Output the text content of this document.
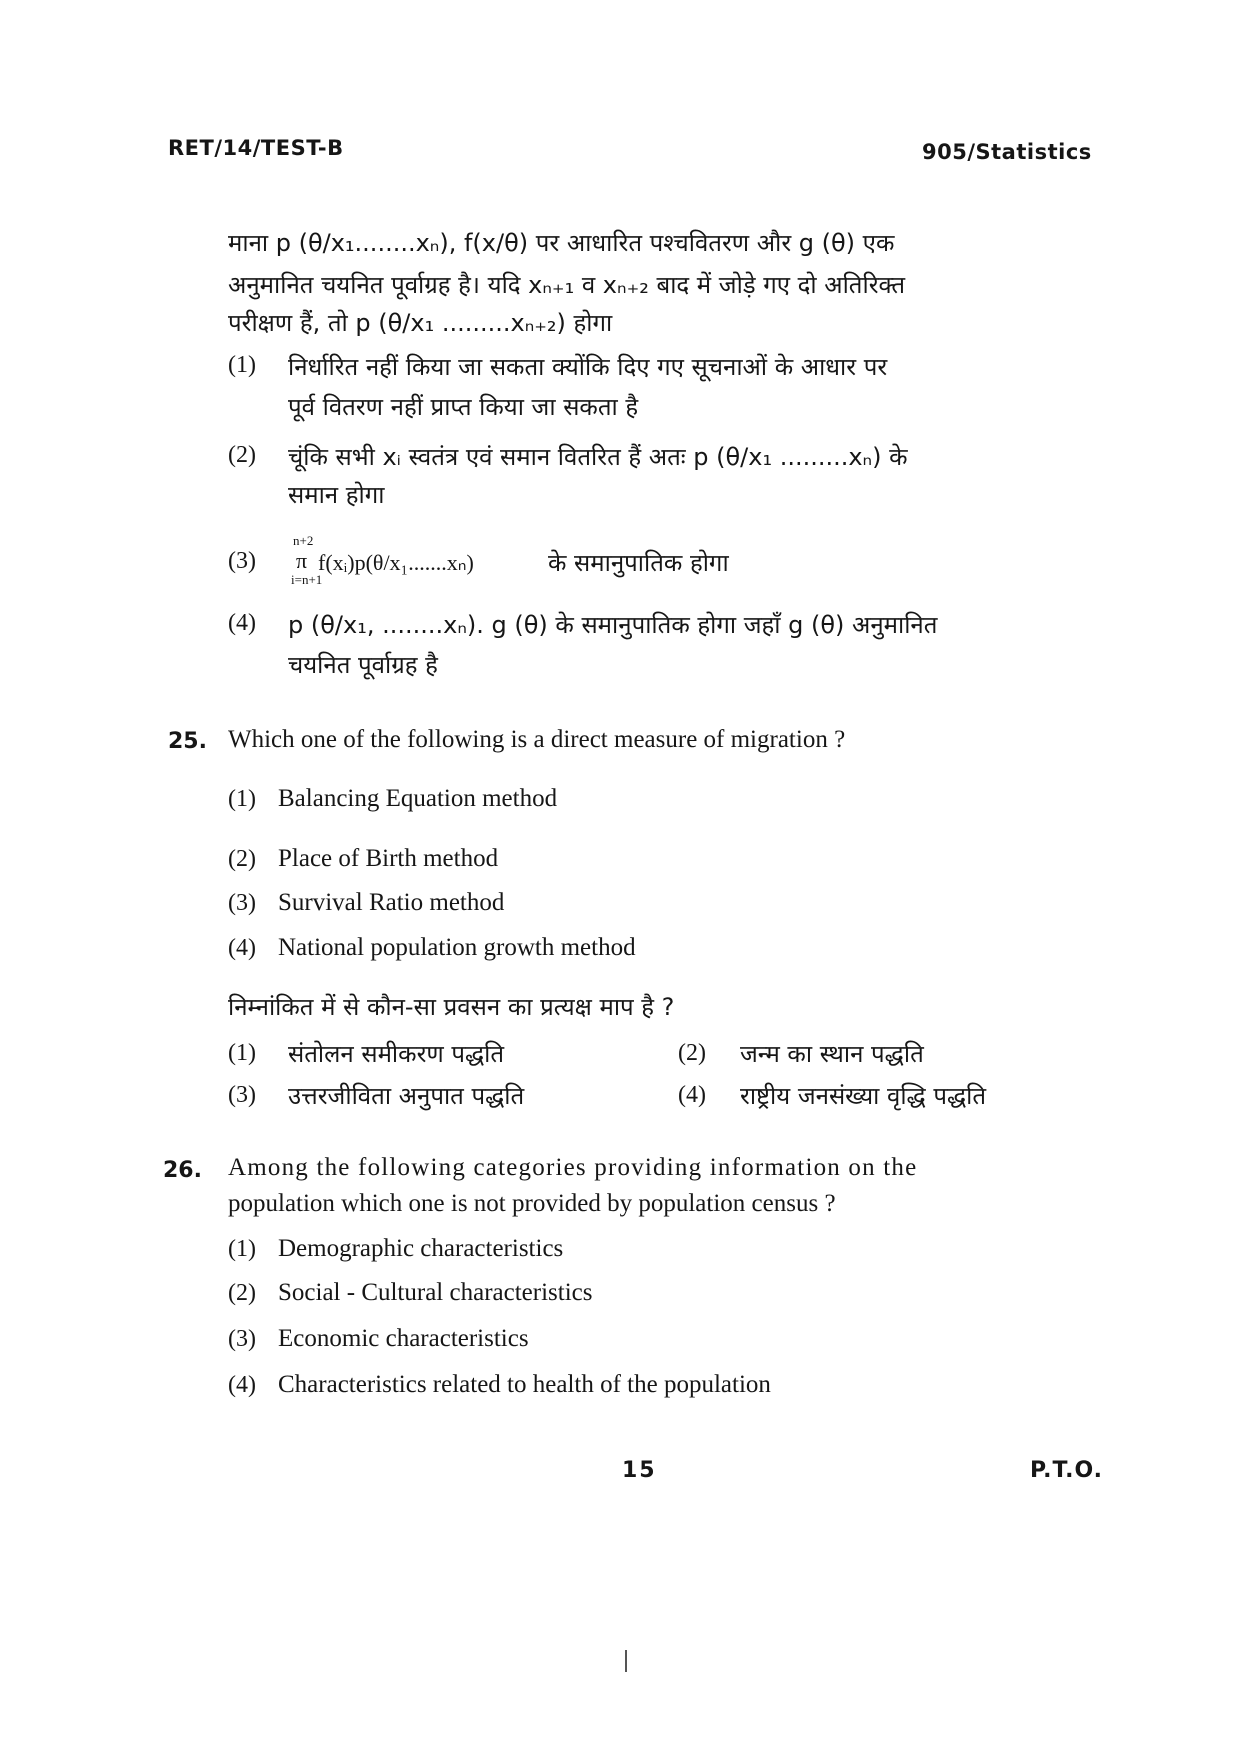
RET/14/TEST-B	905/Statistics
माना p (θ/x₁........xₙ), f(x/θ) पर आधारित पश्चवितरण और g (θ) एक
अनुमानित चयनित पूर्वाग्रह है। यदि xₙ₊₁ व xₙ₊₂ बाद में जोड़े गए दो अतिरिक्त
परीक्षण हैं, तो p (θ/x₁ .........xₙ₊₂) होगा
(1) निर्धारित नहीं किया जा सकता क्योंकि दिए गए सूचनाओं के आधार पर
पूर्व वितरण नहीं प्राप्त किया जा सकता है
(2) चूंकि सभी xᵢ स्वतंत्र एवं समान वितरित हैं अतः p (θ/x₁ .........xₙ) के
समान होगा
(3)
n+2
π
i=n+1
f(xᵢ)p(θ/x₁.......xₙ)	के समानुपातिक होगा
(4) p (θ/x₁, ........xₙ). g (θ) के समानुपातिक होगा जहाँ g (θ) अनुमानित
चयनित पूर्वाग्रह है
25. Which one of the following is a direct measure of migration ?
(1) Balancing Equation method
(2) Place of Birth method
(3) Survival Ratio method
(4) National population growth method
निम्नांकित में से कौन-सा प्रवसन का प्रत्यक्ष माप है ?
(1) संतोलन समीकरण पद्धति	(2) जन्म का स्थान पद्धति
(3) उत्तरजीविता अनुपात पद्धति	(4) राष्ट्रीय जनसंख्या वृद्धि पद्धति
26. Among the following categories providing information on the
population which one is not provided by population census ?
(1) Demographic characteristics
(2) Social - Cultural characteristics
(3) Economic characteristics
(4) Characteristics related to health of the population
15	P.T.O.
